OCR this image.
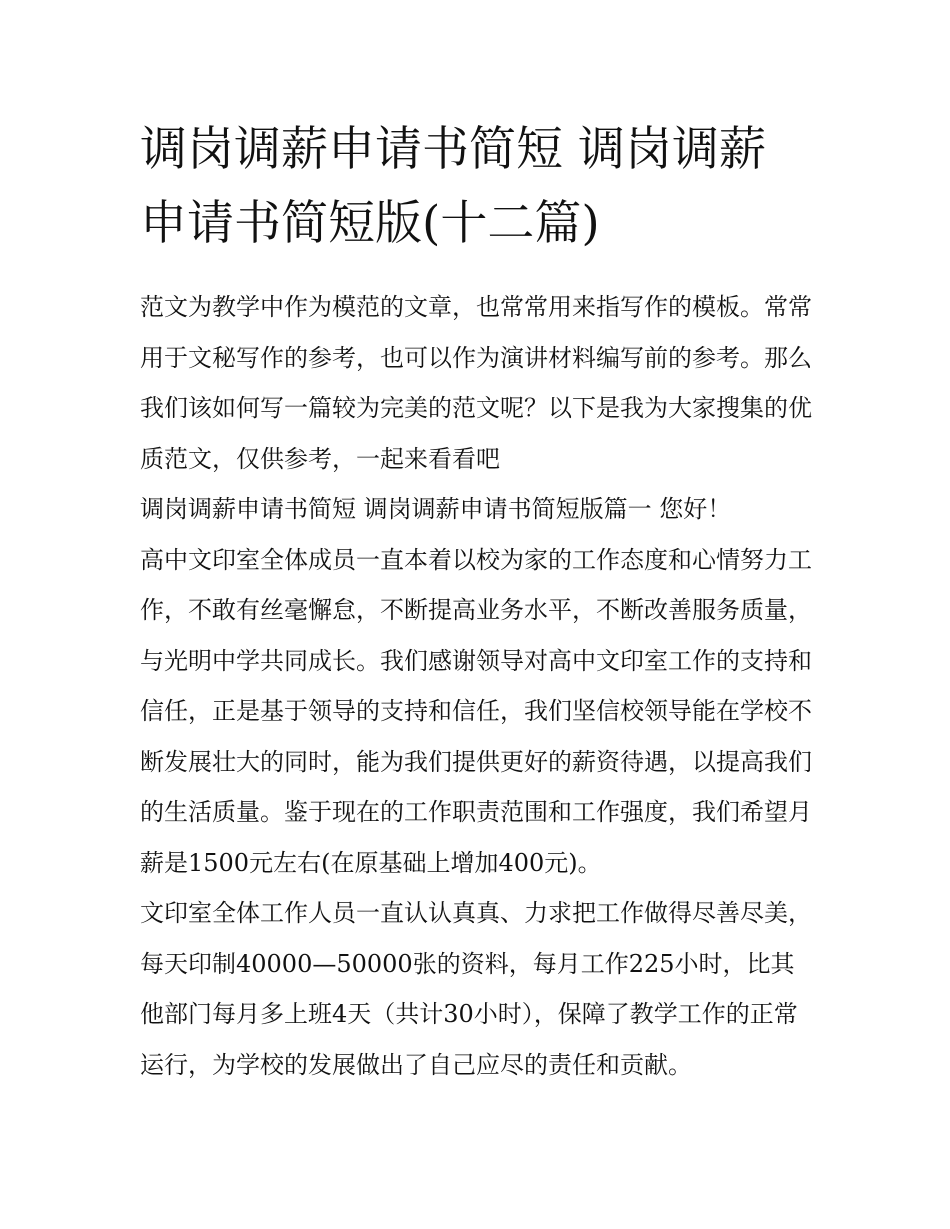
调岗调薪申请书简短 调岗调薪申请书简短版(十二篇)

范文为教学中作为模范的文章，也常常用来指写作的模板。常常用于文秘写作的参考，也可以作为演讲材料编写前的参考。那么我们该如何写一篇较为完美的范文呢？以下是我为大家搜集的优质范文，仅供参考，一起来看看吧

调岗调薪申请书简短 调岗调薪申请书简短版篇一 您好！

高中文印室全体成员一直本着以校为家的工作态度和心情努力工作，不敢有丝毫懈怠，不断提高业务水平，不断改善服务质量，与光明中学共同成长。我们感谢领导对高中文印室工作的支持和信任，正是基于领导的支持和信任，我们坚信校领导能在学校不断发展壮大的同时，能为我们提供更好的薪资待遇，以提高我们的生活质量。鉴于现在的工作职责范围和工作强度，我们希望月薪是1500元左右(在原基础上增加400元)。

文印室全体工作人员一直认认真真、力求把工作做得尽善尽美，每天印制40000—50000张的资料，每月工作225小时，比其他部门每月多上班4天（共计30小时），保障了教学工作的正常运行，为学校的发展做出了自己应尽的责任和贡献。
